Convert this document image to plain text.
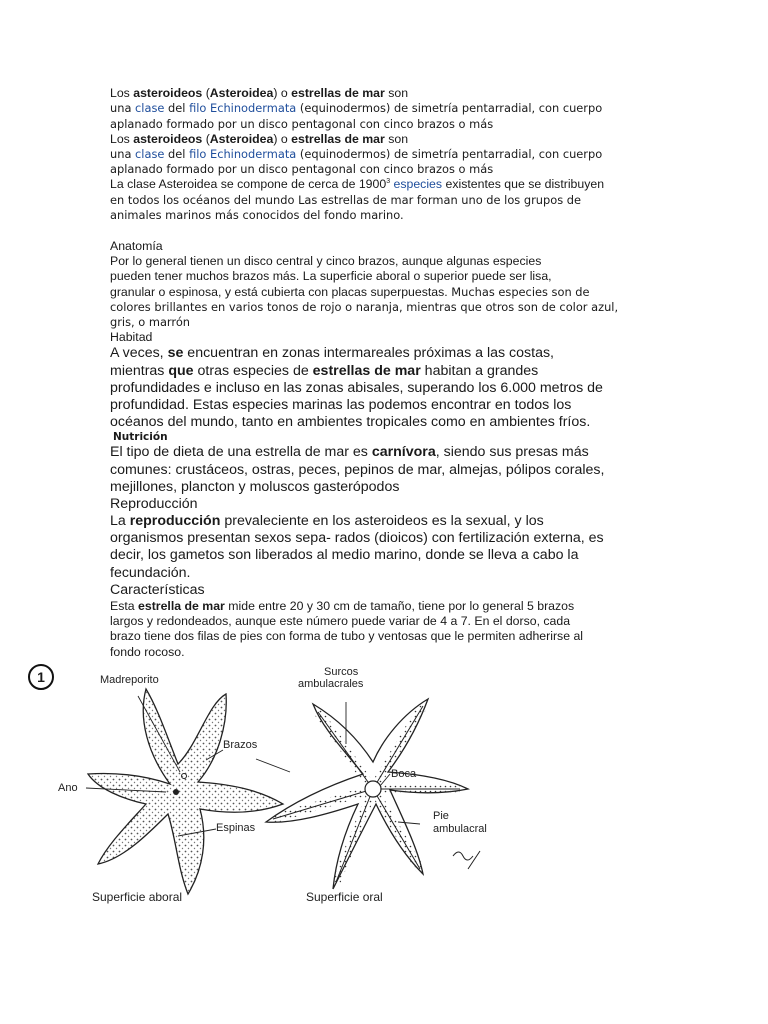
Los asteroideos (Asteroidea) o estrellas de mar son

una clase del filo Echinodermata (equinodermos) de simetría pentarradial, con cuerpo
aplanado formado por un disco pentagonal con cinco brazos o más

Los asteroideos (Asteroidea) o estrellas de mar son

una clase del filo Echinodermata (equinodermos) de simetría pentarradial, con cuerpo
aplanado formado por un disco pentagonal con cinco brazos o más

La clase Asteroidea se compone de cerca de 1900$^3$ especies existentes que se distribuyen

en todos los océanos del mundo Las estrellas de mar forman uno de los grupos de
animales marinos más conocidos del fondo marino.

Anatomía

Por lo general tienen un disco central y cinco brazos, aunque algunas especies
pueden tener muchos brazos más. La superficie aboral o superior puede ser lisa,
granular o espinosa, y está cubierta con placas superpuestas. Muchas especies son de

colores brillantes en varios tonos de rojo o naranja, mientras que otros son de color azul,
gris, o marrón

Habitad

A veces, se encuentran en zonas intermareales próximas a las costas,
mientras que otras especies de estrellas de mar habitan a grandes
profundidades e incluso en las zonas abisales, superando los 6.000 metros de
profundidad. Estas especies marinas las podemos encontrar en todos los
océanos del mundo, tanto en ambientes tropicales como en ambientes fríos.

Nutrición

El tipo de dieta de una estrella de mar es carnívora, siendo sus presas más
comunes: crustáceos, ostras, peces, pepinos de mar, almejas, pólipos corales,
mejillones, plancton y moluscos gasterópodos

Reproducción

La reproducción prevaleciente en los asteroideos es la sexual, y los
organismos presentan sexos sepa- rados (dioicos) con fertilización externa, es
decir, los gametos son liberados al medio marino, donde se lleva a cabo la
fecundación.

Características

Esta estrella de mar mide entre 20 y 30 cm de tamaño, tiene por lo general 5 brazos
largos y redondeados, aunque este número puede variar de 4 a 7. En el dorso, cada
brazo tiene dos filas de pies con forma de tubo y ventosas que le permiten adherirse al
fondo rocoso.

1	Madreporito
Surcos
ambulacrales
Brazos
Ano
Boca
Espinas
Pie
ambulacral
Superficie aboral	Superficie oral
